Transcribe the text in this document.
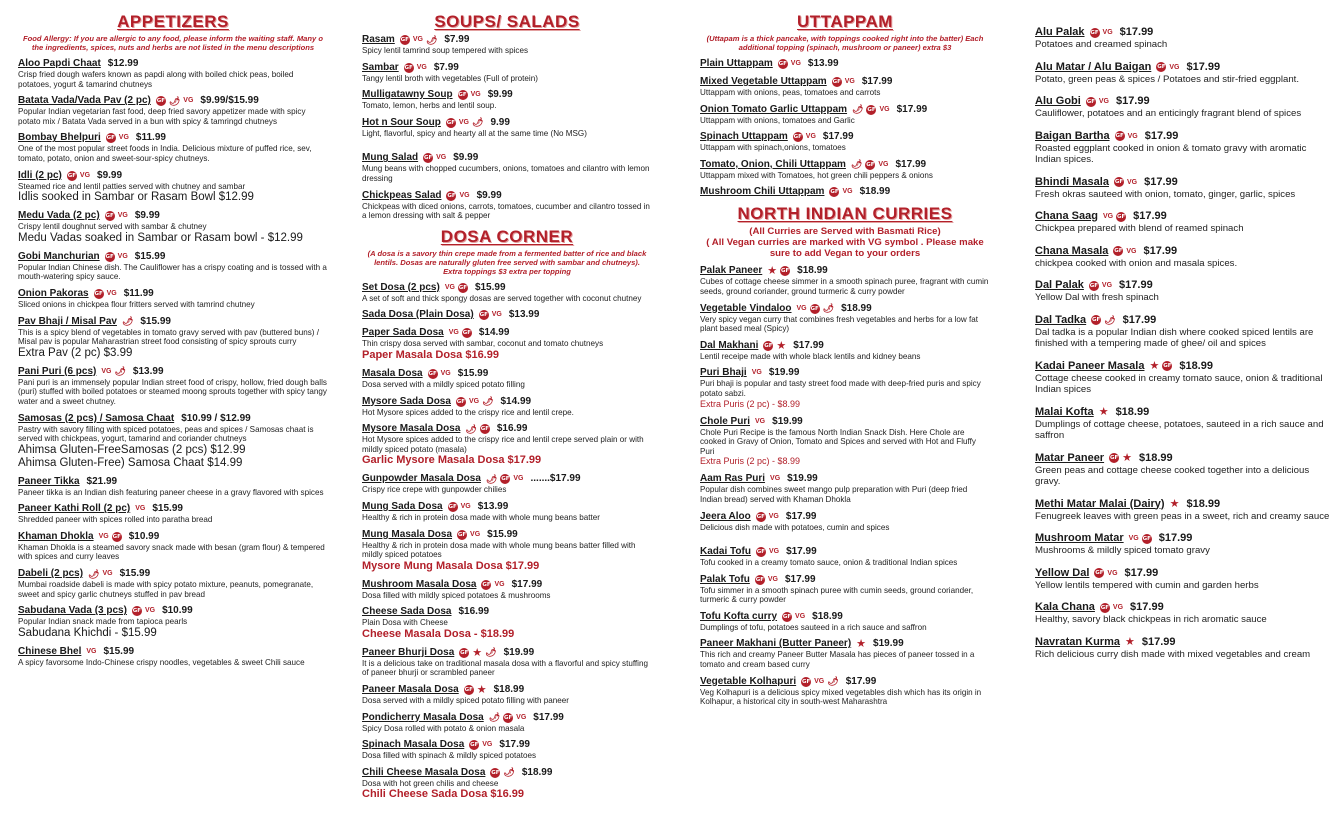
APPETIZERS
Food Allergy: If you are allergic to any food, please inform the waiting staff. Many o the ingredients, spices, nuts and herbs are not listed in the menu descriptions
Aloo Papdi Chaat $12.99
Crisp fried dough wafers known as papdi along with boiled chick peas, boiled potatoes, yogurt & tamarind chutneys
Batata Vada/Vada Pav (2 pc) GF 🌶 VG $9.99/$15.99
Popular Indian vegetarian fast food, deep fried savory appetizer made with spicy potato mix / Batata Vada served in a bun with spicy & tamringd chutneys
Bombay Bhelpuri GF VG $11.99
One of the most popular street foods in India. Delicious mixture of puffed rice, sev, tomato, potato, onion and sweet-sour-spicy chutneys.
Idli (2 pc) GF VG $9.99
Steamed rice and lentil patties served with chutney and sambar
Idlis sooked in Sambar or Rasam Bowl $12.99
Medu Vada (2 pc) GF VG $9.99
Crispy lentil doughnut served with sambar & chutney
Medu Vadas soaked in Sambar or Rasam bowl - $12.99
Gobi Manchurian GF VG $15.99
Popular Indian Chinese dish. The Cauliflower has a crispy coating and is tossed with a mouth-watering spicy sauce.
Onion Pakoras GF VG $11.99
Sliced onions in chickpea flour fritters served with tamrind chutney
Pav Bhaji / Misal Pav 🌶 $15.99
This is a spicy blend of vegetables in tomato gravy served with pav (buttered buns) / Misal pav is popular Maharastrian street food consisting of spicy sprouts curry
Extra Pav (2 pc) $3.99
Pani Puri (6 pcs) VG 🌶 $13.99
Pani puri is an immensely popular Indian street food of crispy, hollow, fried dough balls (puri) stuffed with boiled potatoes or steamed moong sprouts together with spicy tangy water and a sweet chutney.
Samosas (2 pcs) / Samosa Chaat $10.99 / $12.99
Pastry with savory filling with spiced potatoes, peas and spices / Samosas chaat is served with chickpeas, yogurt, tamarind and coriander chutneys
Ahimsa Gluten-FreeSamosas (2 pcs) $12.99
Ahimsa Gluten-Free) Samosa Chaat $14.99
Paneer Tikka $21.99
Paneer tikka is an Indian dish featuring paneer cheese in a gravy flavored with spices
Paneer Kathi Roll (2 pc) VG $15.99
Shredded paneer with spices rolled into paratha bread
Khaman Dhokla VG GF $10.99
Khaman Dhokla is a steamed savory snack made with besan (gram flour) & tempered with spices and curry leaves
Dabeli (2 pcs) 🌶 VG $15.99
Mumbai roadside dabeli is made with spicy potato mixture, peanuts, pomegranate, sweet and spicy garlic chutneys stuffed in pav bread
Sabudana Vada (3 pcs) GF VG $10.99
Popular Indian snack made from tapioca pearls
Sabudana Khichdi - $15.99
Chinese Bhel VG $15.99
A spicy favorsome Indo-Chinese crispy noodles, vegetables & sweet Chili sauce
SOUPS/ SALADS
Rasam GF VG 🌶 $7.99
Spicy lentil tamrind soup tempered with spices
Sambar GF VG $7.99
Tangy lentil broth with vegetables (Full of protein)
Mulligatawny Soup GF VG $9.99
Tomato, lemon, herbs and lentil soup.
Hot n Sour Soup GF VG 🌶 9.99
Light, flavorful, spicy and hearty all at the same time (No MSG)
Mung Salad GF VG $9.99
Mung beans with chopped cucumbers, onions, tomatoes and cilantro with lemon dressing
Chickpeas Salad GF VG $9.99
Chickpeas with diced onions, carrots, tomatoes, cucumber and cilantro tossed in a lemon dressing with salt & pepper
DOSA CORNER
(A dosa is a savory thin crepe made from a fermented batter of rice and black lentils. Dosas are naturally gluten free served with sambar and chutneys). Extra toppings $3 extra per topping
Set Dosa (2 pcs) VG GF $15.99
A set of soft and thick spongy dosas are served together with coconut chutney
Sada Dosa (Plain Dosa) GF VG $13.99
Paper Sada Dosa VG GF $14.99
Thin crispy dosa served with sambar, coconut and tomato chutneys
Paper Masala Dosa $16.99
Masala Dosa GF VG $15.99
Dosa served with a mildly spiced potato filling
Mysore Sada Dosa GF VG 🌶 $14.99
Hot Mysore spices added to the crispy rice and lentil crepe.
Mysore Masala Dosa 🌶 GF $16.99
Hot Mysore spices added to the crispy rice and lentil crepe served plain or with mildly spiced potato (masala)
Garlic Mysore Masala Dosa $17.99
Gunpowder Masala Dosa 🌶 GF VG .......$17.99
Crispy rice crepe with gunpowder chilies
Mung Sada Dosa GF VG $13.99
Healthy & rich in protein dosa made with whole mung beans batter
Mung Masala Dosa GF VG $15.99
Healthy & rich in protein dosa made with whole mung beans batter filled with mildly spiced potatoes
Mysore Mung Masala Dosa $17.99
Mushroom Masala Dosa GF VG $17.99
Dosa filled with mildly spiced potatoes & mushrooms
Cheese Sada Dosa $16.99
Plain Dosa with Cheese
Cheese Masala Dosa - $18.99
Paneer Bhurji Dosa GF ★ 🌶 $19.99
It is a delicious take on traditional masala dosa with a flavorful and spicy stuffing of paneer bhurji or scrambled paneer
Paneer Masala Dosa GF ★ $18.99
Dosa served with a mildly spiced potato filling with paneer
Pondicherry Masala Dosa 🌶 GF VG $17.99
Spicy Dosa rolled with potato & onion masala
Spinach Masala Dosa GF VG $17.99
Dosa filled with spinach & mildly spiced potatoes
Chili Cheese Masala Dosa GF 🌶 $18.99
Dosa with hot green chilis and cheese
Chili Cheese Sada Dosa $16.99
UTTAPPAM
(Uttapam is a thick pancake, with toppings cooked right into the batter) Each additional topping (spinach, mushroom or paneer) extra $3
Plain Uttappam GF VG $13.99
Mixed Vegetable Uttappam GF VG $17.99
Uttappam with onions, peas, tomatoes and carrots
Onion Tomato Garlic Uttappam 🌶 GF VG $17.99
Uttappam with onions, tomatoes and Garlic
Spinach Uttappam GF VG $17.99
Uttappam with spinach,onions, tomatoes
Tomato, Onion, Chili Uttappam 🌶 GF VG $17.99
Uttappam mixed with Tomatoes, hot green chili peppers & onions
Mushroom Chili Uttappam GF VG $18.99
NORTH INDIAN CURRIES
(All Curries are Served with Basmati Rice)
( All Vegan curries are marked with VG symbol . Please make sure to add Vegan to your orders
Palak Paneer ★ GF $18.99
Cubes of cottage cheese simmer in a smooth spinach puree, fragrant with cumin seeds, ground coriander, ground turmeric & curry powder
Vegetable Vindaloo VG GF 🌶 $18.99
Very spicy vegan curry that combines fresh vegetables and herbs for a low fat plant based meal (Spicy)
Dal Makhani GF ★ $17.99
Lentil receipe made with whole black lentils and kidney beans
Puri Bhaji VG $19.99
Puri bhaji is popular and tasty street food made with deep-fried puris and spicy potato sabzi.
Extra Puris (2 pc) - $8.99
Chole Puri VG $19.99
Chole Puri Recipe is the famous North Indian Snack Dish. Here Chole are cooked in Gravy of Onion, Tomato and Spices and served with Hot and Fluffy Puri
Extra Puris (2 pc) - $8.99
Aam Ras Puri VG $19.99
Popular dish combines sweet mango pulp preparation with Puri (deep fried Indian bread) served with Khaman Dhokla
Jeera Aloo GF VG $17.99
Delicious dish made with potatoes, cumin and spices
Kadai Tofu GF VG $17.99
Tofu cooked in a creamy tomato sauce, onion & traditional Indian spices
Palak Tofu GF VG $17.99
Tofu simmer in a smooth spinach puree with cumin seeds, ground coriander, turmeric & curry powder
Tofu Kofta curry GF VG $18.99
Dumplings of tofu, potatoes sauteed in a rich sauce and saffron
Paneer Makhani (Butter Paneer) ★ $19.99
This rich and creamy Paneer Butter Masala has pieces of paneer tossed in a tomato and cream based curry
Vegetable Kolhapuri GF VG 🌶 $17.99
Veg Kolhapuri is a delicious spicy mixed vegetables dish which has its origin in Kolhapur, a historical city in south-west Maharashtra
Alu Palak GF VG $17.99
Potatoes and creamed spinach
Alu Matar / Alu Baigan GF VG $17.99
Potato, green peas & spices / Potatoes and stir-fried eggplant.
Alu Gobi GF VG $17.99
Cauliflower, potatoes and an enticingly fragrant blend of spices
Baigan Bartha GF VG $17.99
Roasted eggplant cooked in onion & tomato gravy with aromatic Indian spices.
Bhindi Masala GF VG $17.99
Fresh okras sauteed with onion, tomato, ginger, garlic, spices
Chana Saag VG GF $17.99
Chickpea prepared with blend of reamed spinach
Chana Masala GF VG $17.99
chickpea cooked with onion and masala spices.
Dal Palak GF VG $17.99
Yellow Dal with fresh spinach
Dal Tadka GF 🌶 $17.99
Dal tadka is a popular Indian dish where cooked spiced lentils are finished with a tempering made of ghee/ oil and spices
Kadai Paneer Masala ★ GF $18.99
Cottage cheese cooked in creamy tomato sauce, onion & traditional Indian spices
Malai Kofta ★ $18.99
Dumplings of cottage cheese, potatoes, sauteed in a rich sauce and saffron
Matar Paneer GF ★ $18.99
Green peas and cottage cheese cooked together into a delicious gravy.
Methi Matar Malai (Dairy) ★ $18.99
Fenugreek leaves with green peas in a sweet, rich and creamy sauce
Mushroom Matar VG GF $17.99
Mushrooms & mildly spiced tomato gravy
Yellow Dal GF VG $17.99
Yellow lentils tempered with cumin and garden herbs
Kala Chana GF VG $17.99
Healthy, savory black chickpeas in rich aromatic sauce
Navratan Kurma ★ $17.99
Rich delicious curry dish made with mixed vegetables and cream
